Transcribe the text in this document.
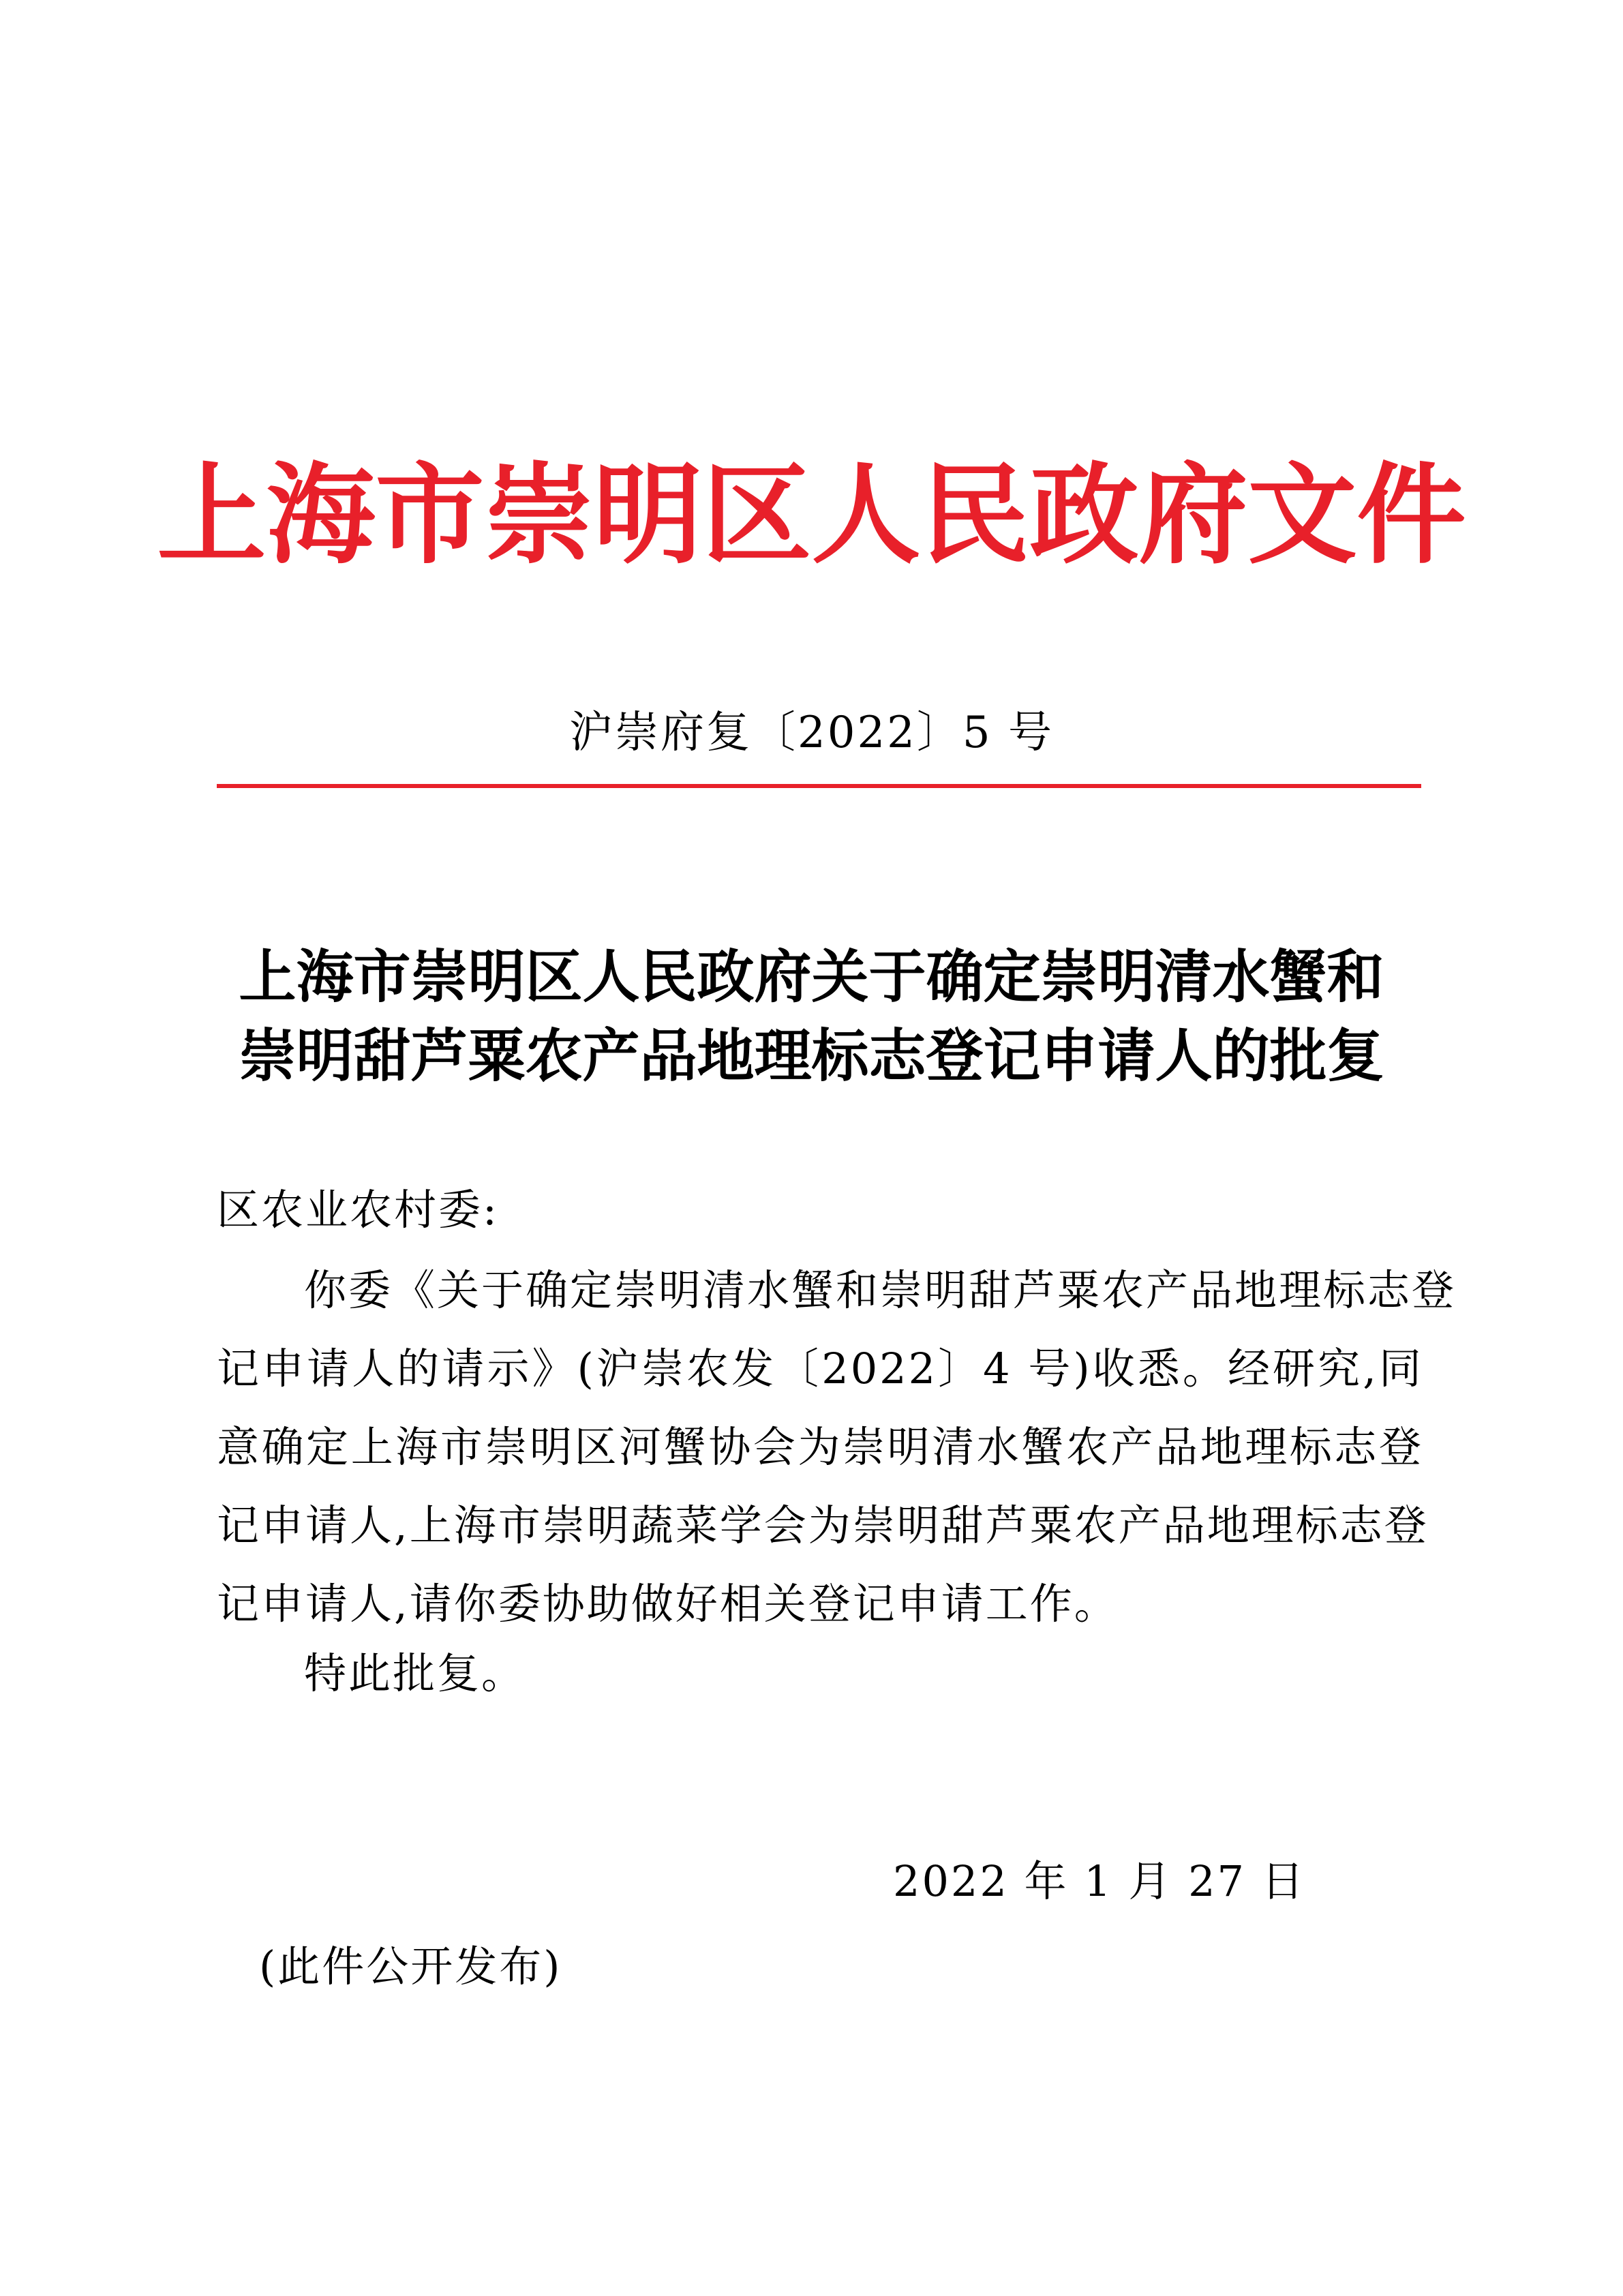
上海市崇明区人民政府文件
沪崇府复〔2022〕5 号
上海市崇明区人民政府关于确定崇明清水蟹和
崇明甜芦粟农产品地理标志登记申请人的批复
区农业农村委:
你委《关于确定崇明清水蟹和崇明甜芦粟农产品地理标志登
记申请人的请示》(沪崇农发〔2022〕4 号)收悉。经研究,同
意确定上海市崇明区河蟹协会为崇明清水蟹农产品地理标志登
记申请人,上海市崇明蔬菜学会为崇明甜芦粟农产品地理标志登
记申请人,请你委协助做好相关登记申请工作。
特此批复。
2022 年 1 月 27 日
(此件公开发布)
